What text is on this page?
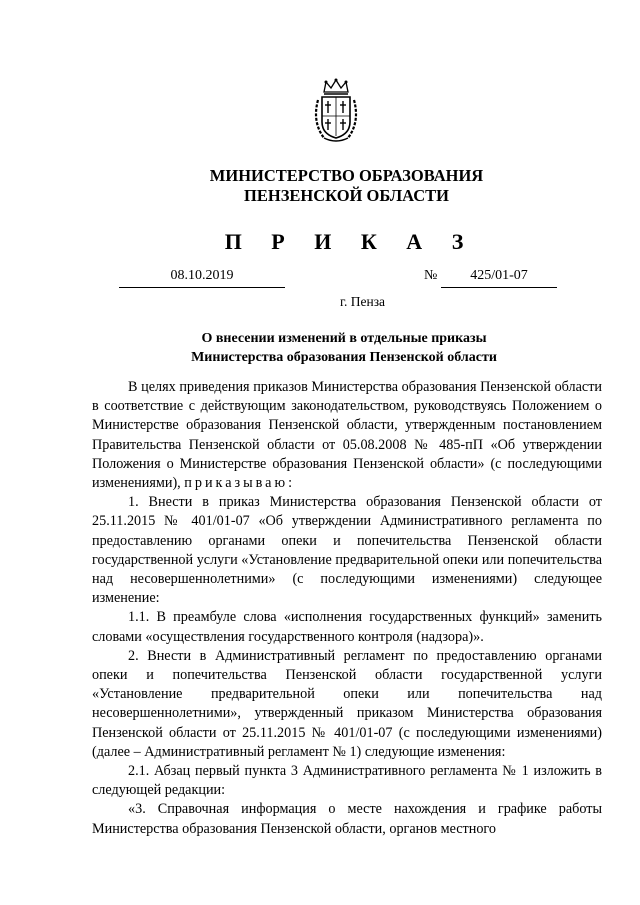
МИНИСТЕРСТВО ОБРАЗОВАНИЯ
ПЕНЗЕНСКОЙ ОБЛАСТИ
П Р И К А З
08.10.2019	№	425/01-07
г. Пенза
О внесении изменений в отдельные приказы
Министерства образования Пензенской области

В целях приведения приказов Министерства образования Пензенской области в соответствие с действующим законодательством, руководствуясь Положением о Министерстве образования Пензенской области, утвержденным постановлением Правительства Пензенской области от 05.08.2008 № 485-пП «Об утверждении Положения о Министерстве образования Пензенской области» (с последующими изменениями), приказываю:

1. Внести в приказ Министерства образования Пензенской области от 25.11.2015 № 401/01-07 «Об утверждении Административного регламента по предоставлению органами опеки и попечительства Пензенской области государственной услуги «Установление предварительной опеки или попечительства над несовершеннолетними» (с последующими изменениями) следующее изменение:

1.1. В преамбуле слова «исполнения государственных функций» заменить словами «осуществления государственного контроля (надзора)».

2. Внести в Административный регламент по предоставлению органами опеки и попечительства Пензенской области государственной услуги «Установление предварительной опеки или попечительства над несовершеннолетними», утвержденный приказом Министерства образования Пензенской области от 25.11.2015 № 401/01-07 (с последующими изменениями) (далее – Административный регламент № 1) следующие изменения:

2.1. Абзац первый пункта 3 Административного регламента № 1 изложить в следующей редакции:

«3. Справочная информация о месте нахождения и графике работы Министерства образования Пензенской области, органов местного
